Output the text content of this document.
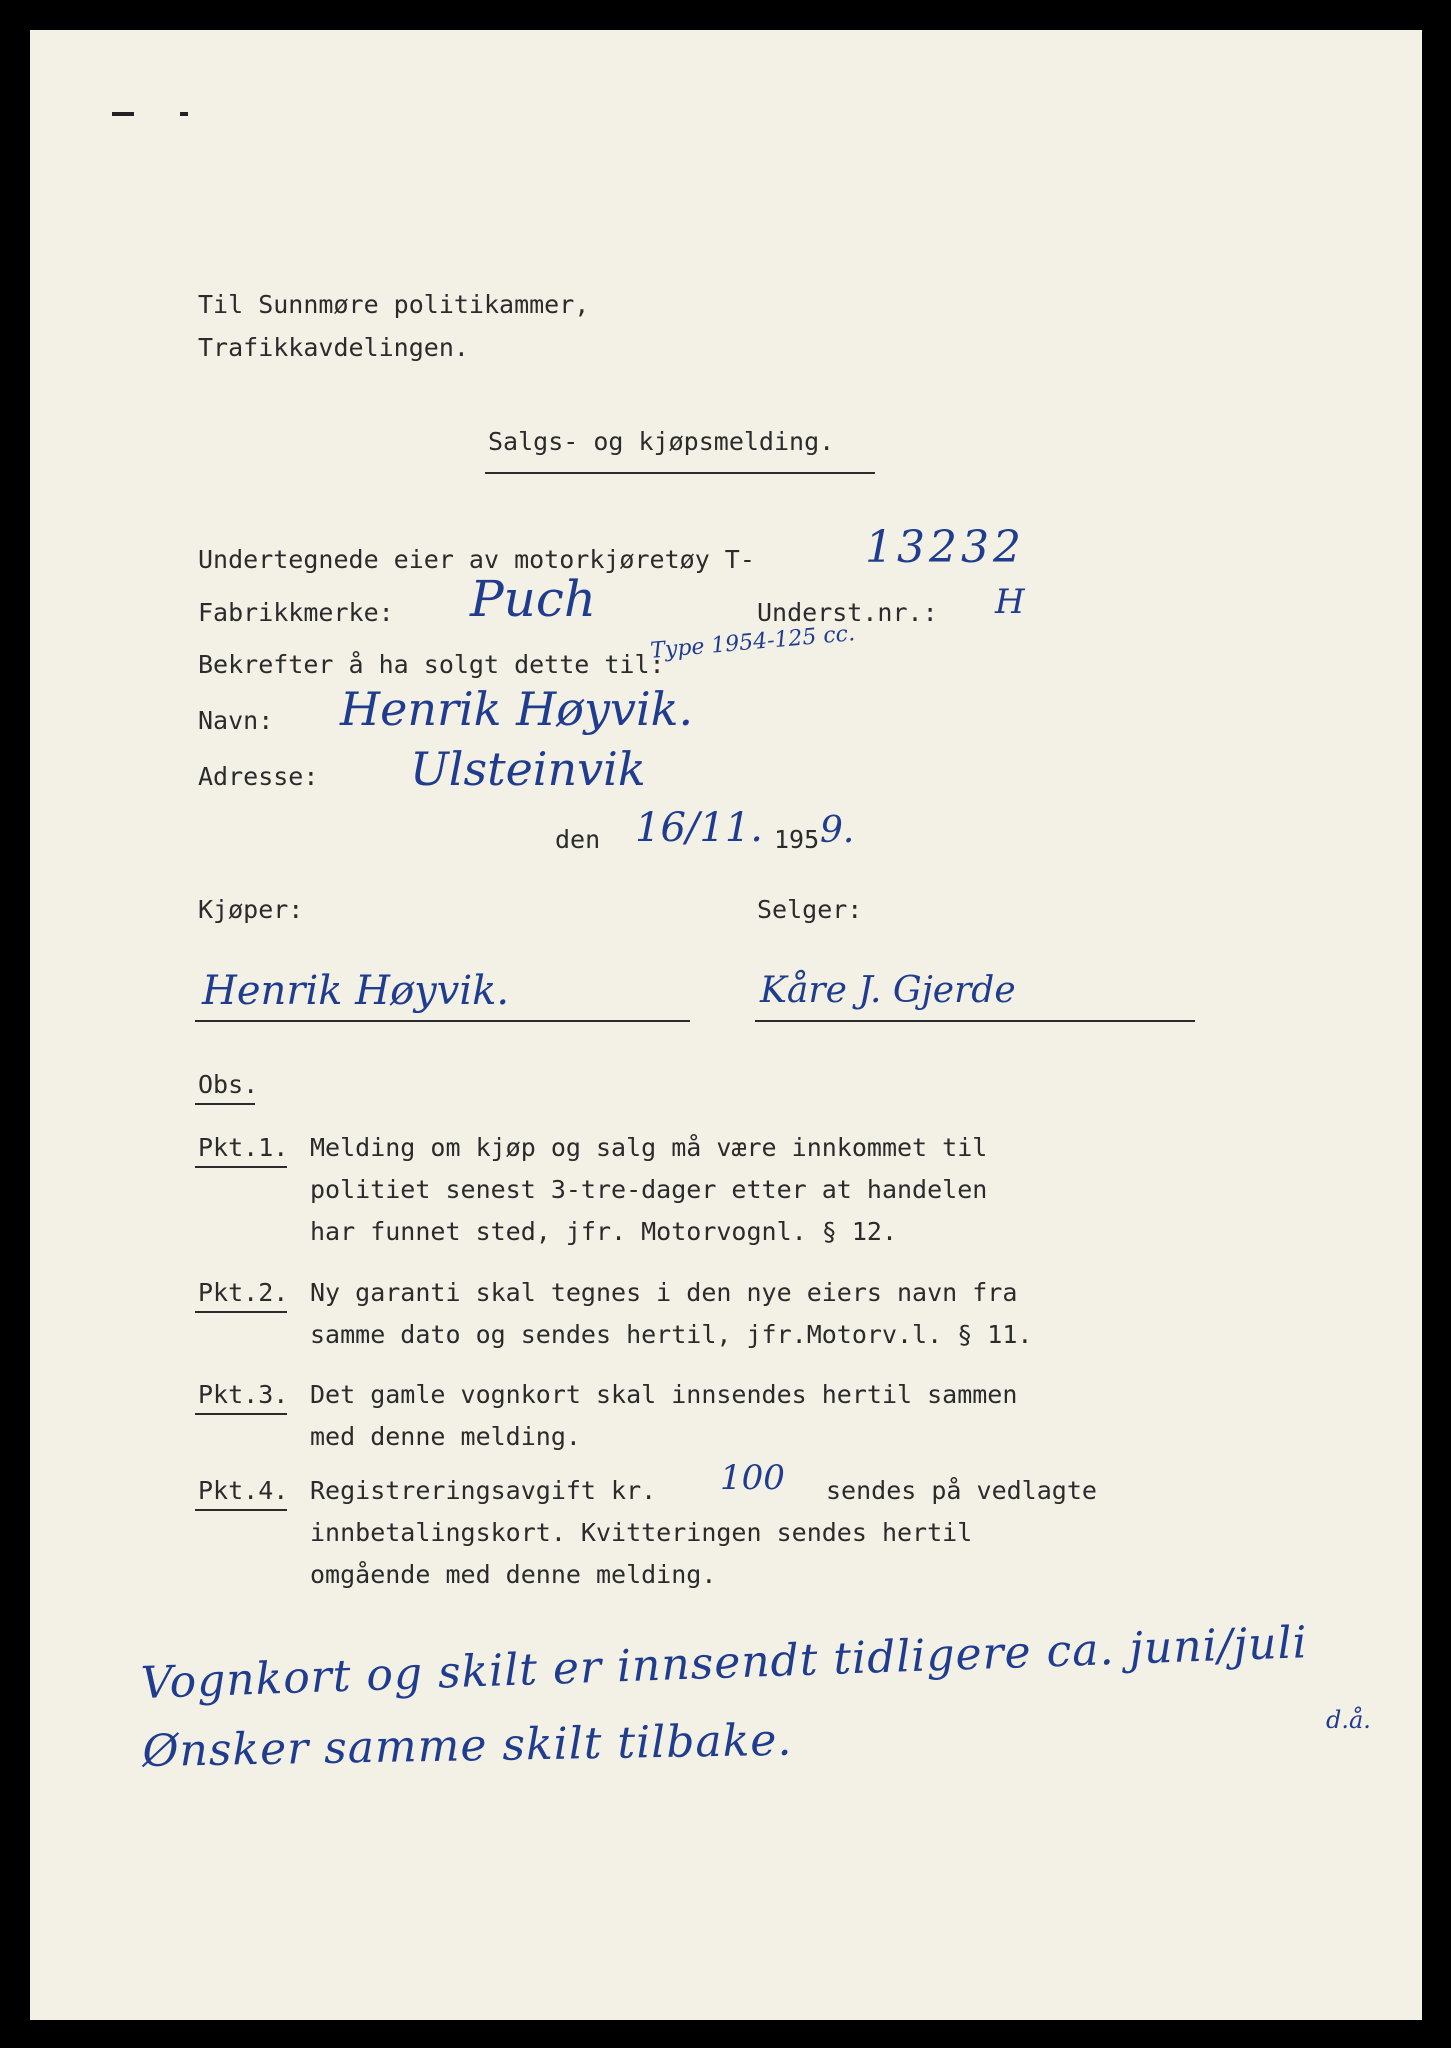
Til Sunnmøre politikammer,
Trafikkavdelingen.
Salgs- og kjøpsmelding.
Undertegnede eier av motorkjøretøy T-	13232
Fabrikkmerke: Puch
Type 1954-125 cc.
Underst.nr.: H
Bekrefter å ha solgt dette til:
Navn: Henrik Høyvik.
Adresse: Ulsteinvik
den 16/11. 195 9.
Kjøper:	Selger:
Henrik Høyvik.	Kåre J. Gjerde
Obs.
Pkt.1. Melding om kjøp og salg må være innkommet til
politiet senest 3-tre-dager etter at handelen
har funnet sted, jfr. Motorvognl. § 12.
Pkt.2. Ny garanti skal tegnes i den nye eiers navn fra
samme dato og sendes hertil, jfr.Motorv.l. § 11.
Pkt.3. Det gamle vognkort skal innsendes hertil sammen
med denne melding.
Pkt.4. Registreringsavgift kr. 100 sendes på vedlagte
innbetalingskort. Kvitteringen sendes hertil
omgående med denne melding.
Vognkort og skilt er innsendt tidligere ca. juni/juli
d.å.
Ønsker samme skilt tilbake.
